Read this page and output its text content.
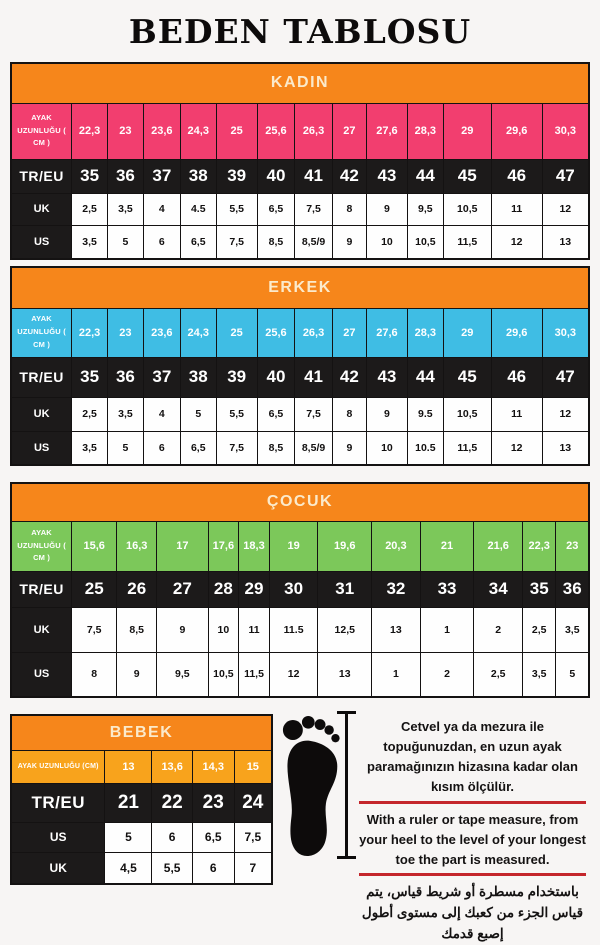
BEDEN TABLOSU
KADIN													
AYAK UZUNLUĞU ( CM )	22,3	23	23,6	24,3	25	25,6	26,3	27	27,6	28,3	29	29,6	30,3
TR/EU	35	36	37	38	39	40	41	42	43	44	45	46	47
UK	2,5	3,5	4	4.5	5,5	6,5	7,5	8	9	9,5	10,5	11	12
US	3,5	5	6	6,5	7,5	8,5	8,5/9	9	10	10,5	11,5	12	13
ERKEK													
AYAK UZUNLUĞU ( CM )	22,3	23	23,6	24,3	25	25,6	26,3	27	27,6	28,3	29	29,6	30,3
TR/EU	35	36	37	38	39	40	41	42	43	44	45	46	47
UK	2,5	3,5	4	5	5,5	6,5	7,5	8	9	9.5	10,5	11	12
US	3,5	5	6	6,5	7,5	8,5	8,5/9	9	10	10.5	11,5	12	13
ÇOCUK												
AYAK UZUNLUĞU ( CM )	15,6	16,3	17	17,6	18,3	19	19,6	20,3	21	21,6	22,3	23
TR/EU	25	26	27	28	29	30	31	32	33	34	35	36
UK	7,5	8,5	9	10	11	11.5	12,5	13	1	2	2,5	3,5
US	8	9	9,5	10,5	11,5	12	13	1	2	2,5	3,5	5
BEBEK				
AYAK UZUNLUĞU (CM)	13	13,6	14,3	15
TR/EU	21	22	23	24
US	5	6	6,5	7,5
UK	4,5	5,5	6	7

Cetvel ya da mezura ile topuğunuzdan, en uzun ayak paramağınızın hizasına kadar olan kısım ölçülür.

With a ruler or tape measure, from your heel to the level of your longest toe the part is measured.

باستخدام مسطرة أو شريط قياس، يتم قياس الجزء من كعبك إلى مستوى أطول إصبع قدمك
